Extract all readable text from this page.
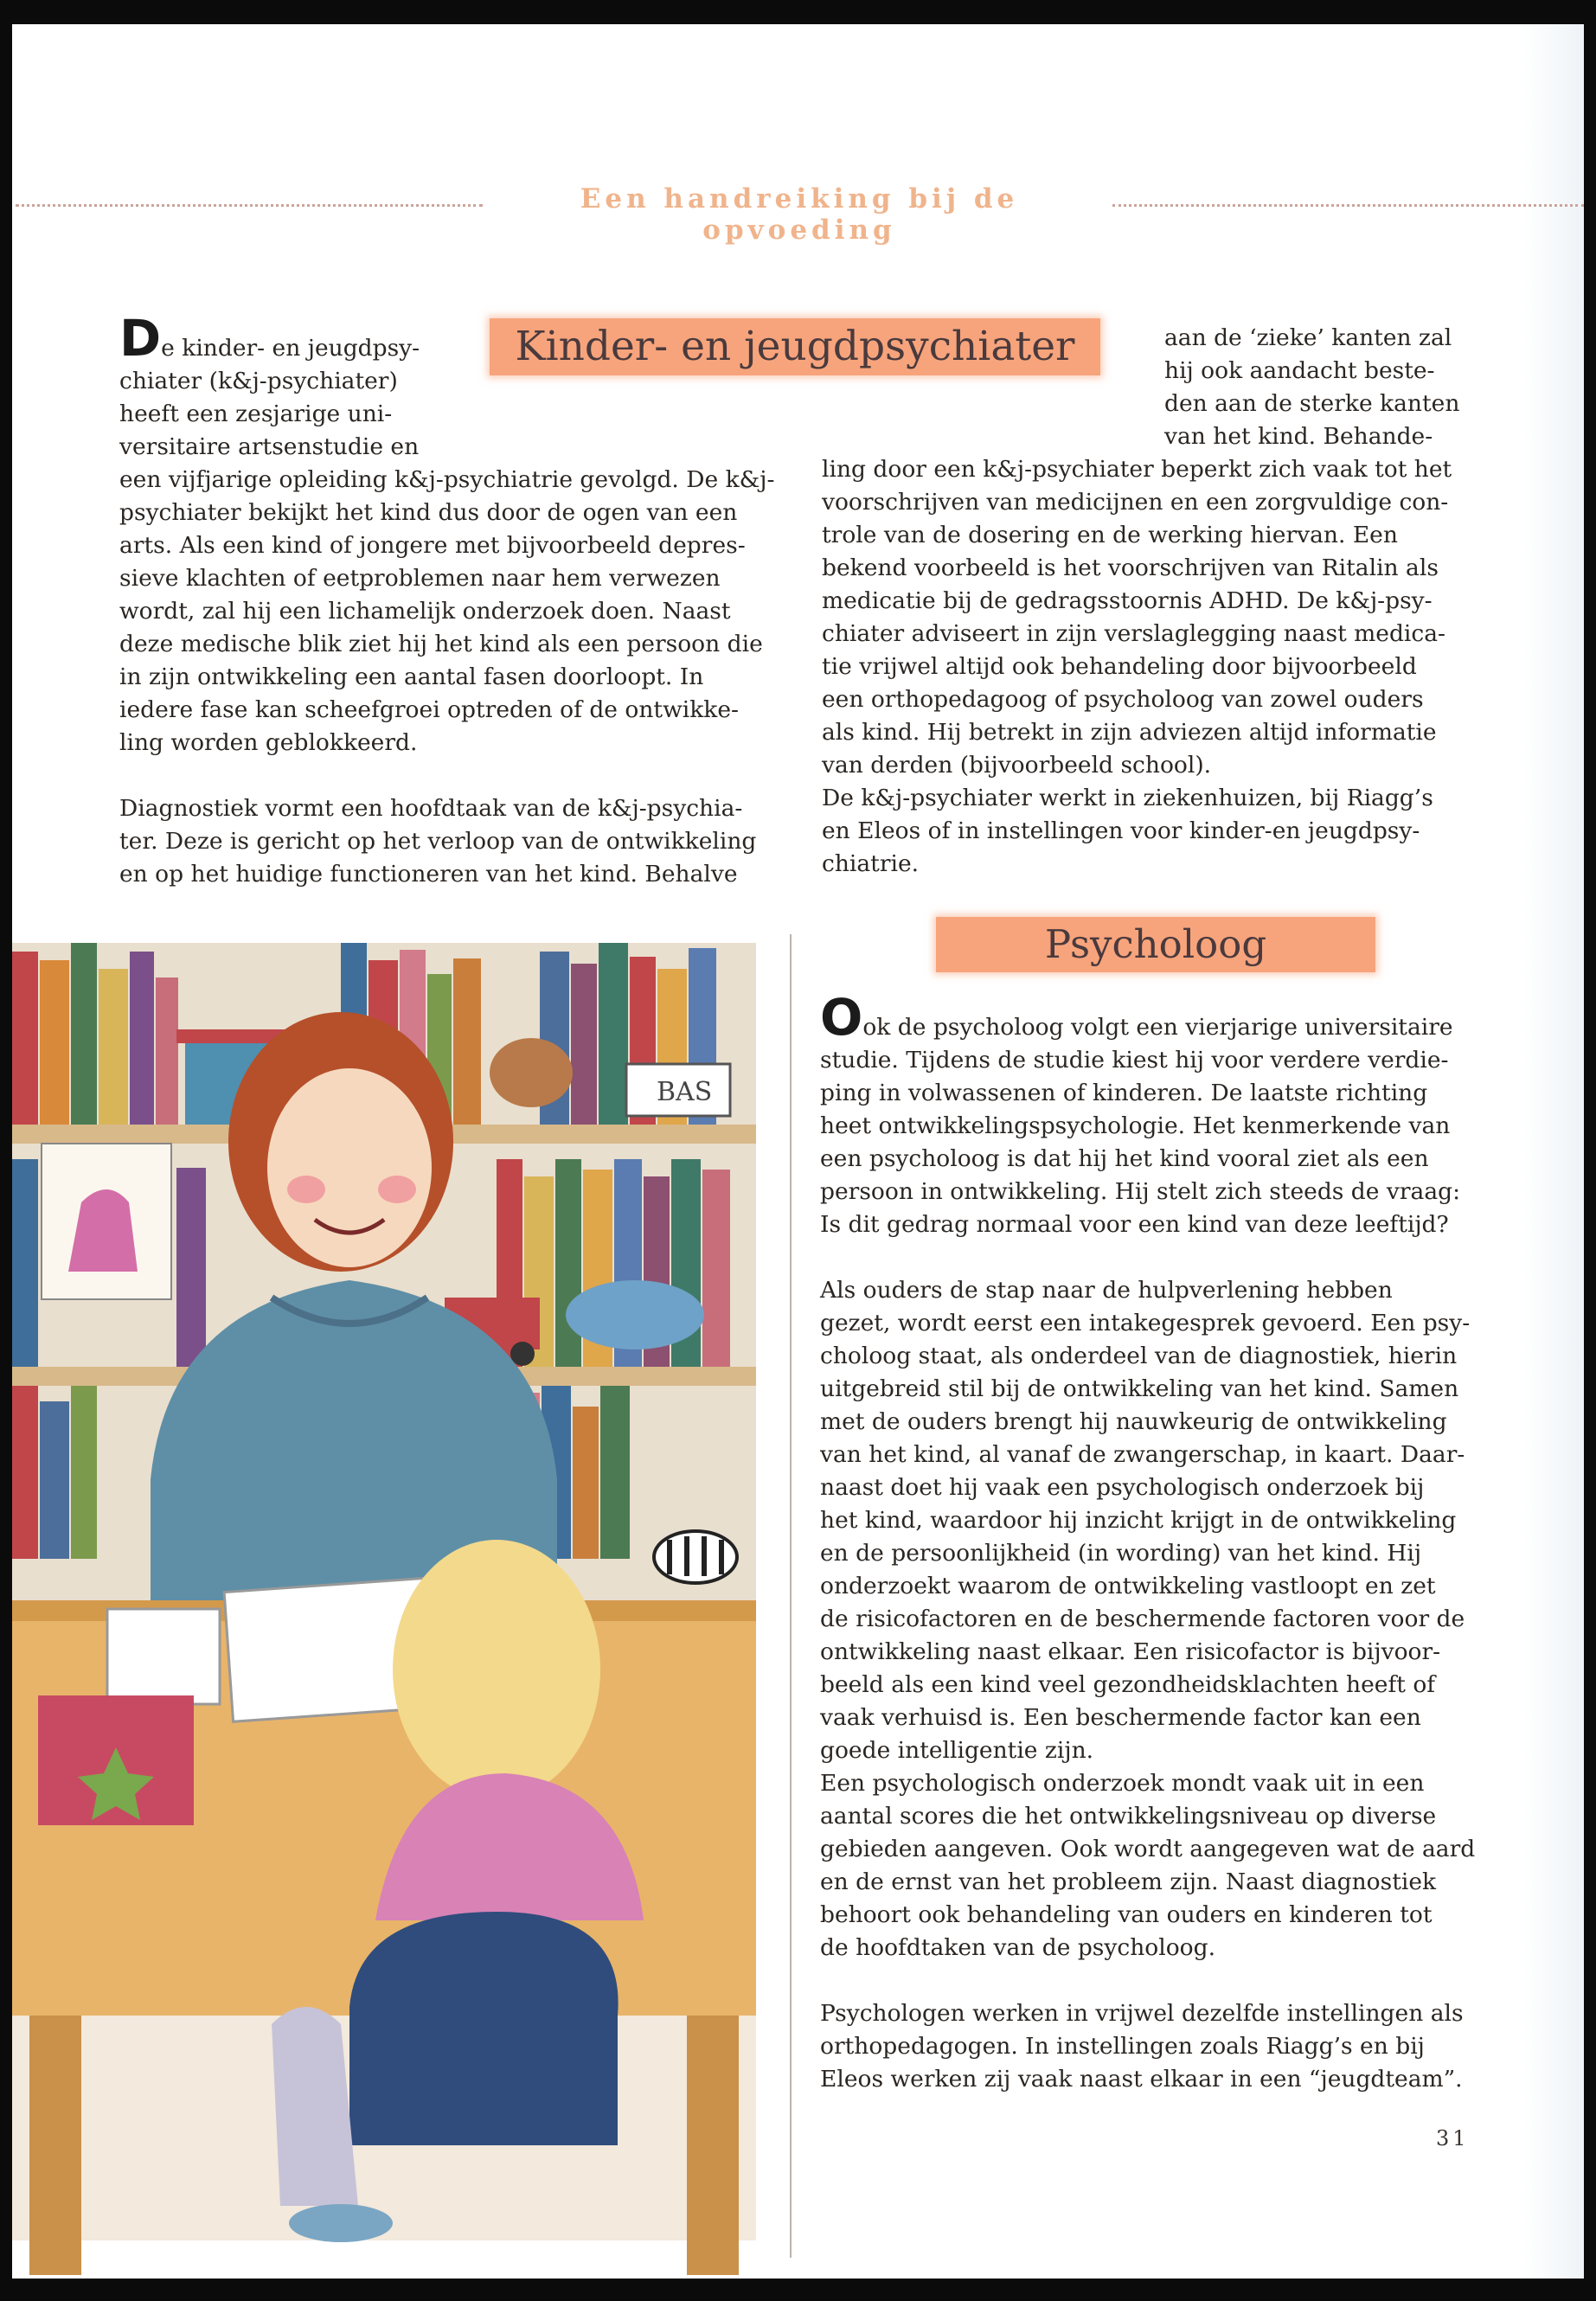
Een handreiking bij de opvoeding
Kinder- en jeugdpsychiater

De kinder- en jeugdpsy-

chiater (k&j-psychiater)

heeft een zesjarige uni-

versitaire artsenstudie en

een vijfjarige opleiding k&j-psychiatrie gevolgd. De k&j-

psychiater bekijkt het kind dus door de ogen van een

arts. Als een kind of jongere met bijvoorbeeld depres-

sieve klachten of eetproblemen naar hem verwezen

wordt, zal hij een lichamelijk onderzoek doen. Naast

deze medische blik ziet hij het kind als een persoon die

in zijn ontwikkeling een aantal fasen doorloopt. In

iedere fase kan scheefgroei optreden of de ontwikke-

ling worden geblokkeerd.

Diagnostiek vormt een hoofdtaak van de k&j-psychia-

ter. Deze is gericht op het verloop van de ontwikkeling

en op het huidige functioneren van het kind. Behalve

aan de ‘zieke’ kanten zal

hij ook aandacht beste-

den aan de sterke kanten

van het kind. Behande-

ling door een k&j-psychiater beperkt zich vaak tot het

voorschrijven van medicijnen en een zorgvuldige con-

trole van de dosering en de werking hiervan. Een

bekend voorbeeld is het voorschrijven van Ritalin als

medicatie bij de gedragsstoornis ADHD. De k&j-psy-

chiater adviseert in zijn verslaglegging naast medica-

tie vrijwel altijd ook behandeling door bijvoorbeeld

een orthopedagoog of psycholoog van zowel ouders

als kind. Hij betrekt in zijn adviezen altijd informatie

van derden (bijvoorbeeld school).

De k&j-psychiater werkt in ziekenhuizen, bij Riagg’s

en Eleos of in instellingen voor kinder-en jeugdpsy-

chiatrie.

BAS
Psycholoog

Ook de psycholoog volgt een vierjarige universitaire

studie. Tijdens de studie kiest hij voor verdere verdie-

ping in volwassenen of kinderen. De laatste richting

heet ontwikkelingspsychologie. Het kenmerkende van

een psycholoog is dat hij het kind vooral ziet als een

persoon in ontwikkeling. Hij stelt zich steeds de vraag:

Is dit gedrag normaal voor een kind van deze leeftijd?

Als ouders de stap naar de hulpverlening hebben

gezet, wordt eerst een intakegesprek gevoerd. Een psy-

choloog staat, als onderdeel van de diagnostiek, hierin

uitgebreid stil bij de ontwikkeling van het kind. Samen

met de ouders brengt hij nauwkeurig de ontwikkeling

van het kind, al vanaf de zwangerschap, in kaart. Daar-

naast doet hij vaak een psychologisch onderzoek bij

het kind, waardoor hij inzicht krijgt in de ontwikkeling

en de persoonlijkheid (in wording) van het kind. Hij

onderzoekt waarom de ontwikkeling vastloopt en zet

de risicofactoren en de beschermende factoren voor de

ontwikkeling naast elkaar. Een risicofactor is bijvoor-

beeld als een kind veel gezondheidsklachten heeft of

vaak verhuisd is. Een beschermende factor kan een

goede intelligentie zijn.

Een psychologisch onderzoek mondt vaak uit in een

aantal scores die het ontwikkelingsniveau op diverse

gebieden aangeven. Ook wordt aangegeven wat de aard

en de ernst van het probleem zijn. Naast diagnostiek

behoort ook behandeling van ouders en kinderen tot

de hoofdtaken van de psycholoog.

Psychologen werken in vrijwel dezelfde instellingen als

orthopedagogen. In instellingen zoals Riagg’s en bij

Eleos werken zij vaak naast elkaar in een “jeugdteam”.

31
